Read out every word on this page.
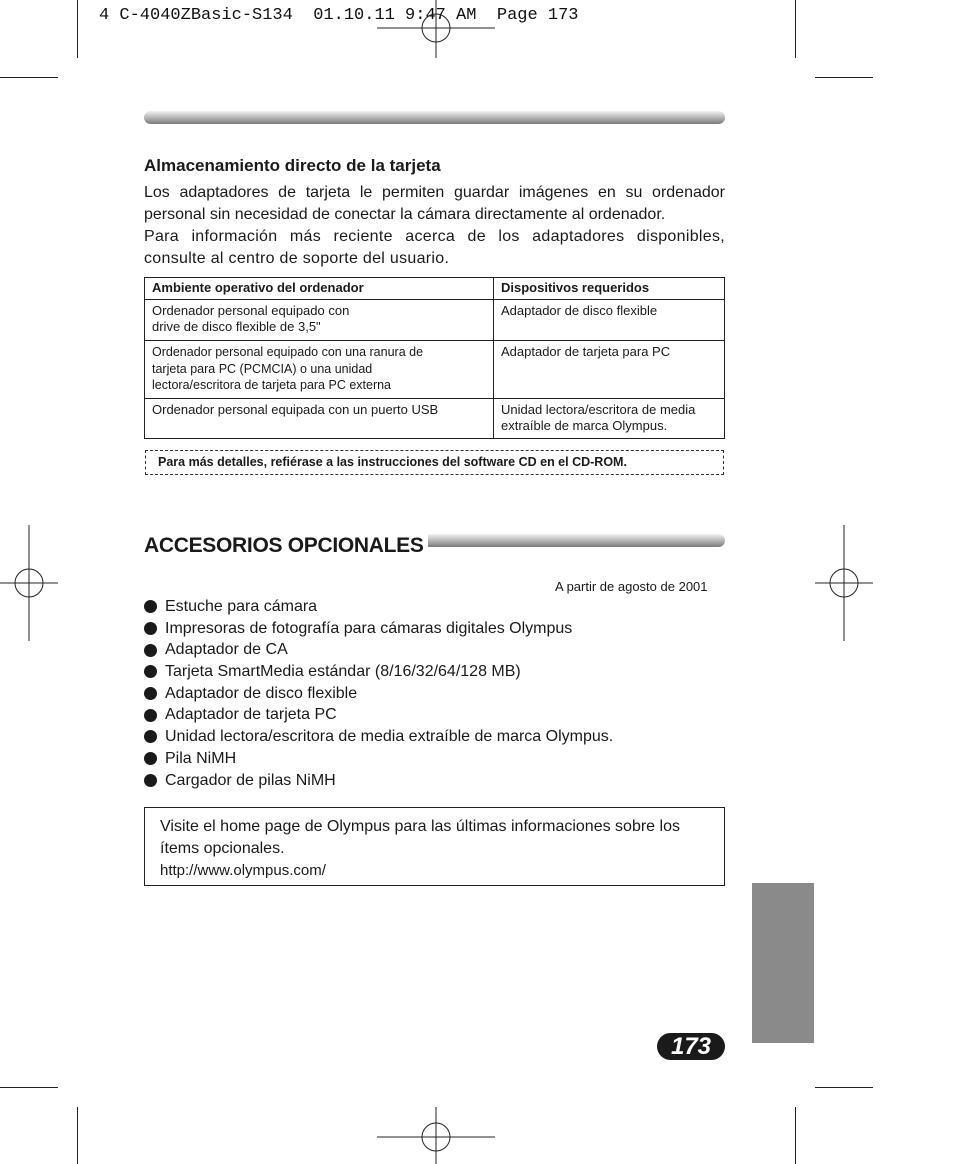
4 C-4040ZBasic-S134  01.10.11 9:47 AM  Page 173
Almacenamiento directo de la tarjeta
Los adaptadores de tarjeta le permiten guardar imágenes en su ordenador personal sin necesidad de conectar la cámara directamente al ordenador.
Para información más reciente acerca de los adaptadores disponibles, consulte al centro de soporte del usuario.
Ambiente operativo del ordenador	Dispositivos requeridos
Ordenador personal equipado con
drive de disco flexible de 3,5"	Adaptador de disco flexible
Ordenador personal equipado con una ranura de
tarjeta para PC (PCMCIA) o una unidad
lectora/escritora de tarjeta para PC externa	Adaptador de tarjeta para PC
Ordenador personal equipada con un puerto USB	Unidad lectora/escritora de media
extraíble de marca Olympus.
Para más detalles, refiérase a las instrucciones del software CD en el CD-ROM.
ACCESORIOS OPCIONALES
A partir de agosto de 2001
Estuche para cámara
Impresoras de fotografía para cámaras digitales Olympus
Adaptador de CA
Tarjeta SmartMedia estándar (8/16/32/64/128 MB)
Adaptador de disco flexible
Adaptador de tarjeta PC
Unidad lectora/escritora de media extraíble de marca Olympus.
Pila NiMH
Cargador de pilas NiMH
Visite el home page de Olympus para las últimas informaciones sobre los ítems opcionales.
http://www.olympus.com/
173
